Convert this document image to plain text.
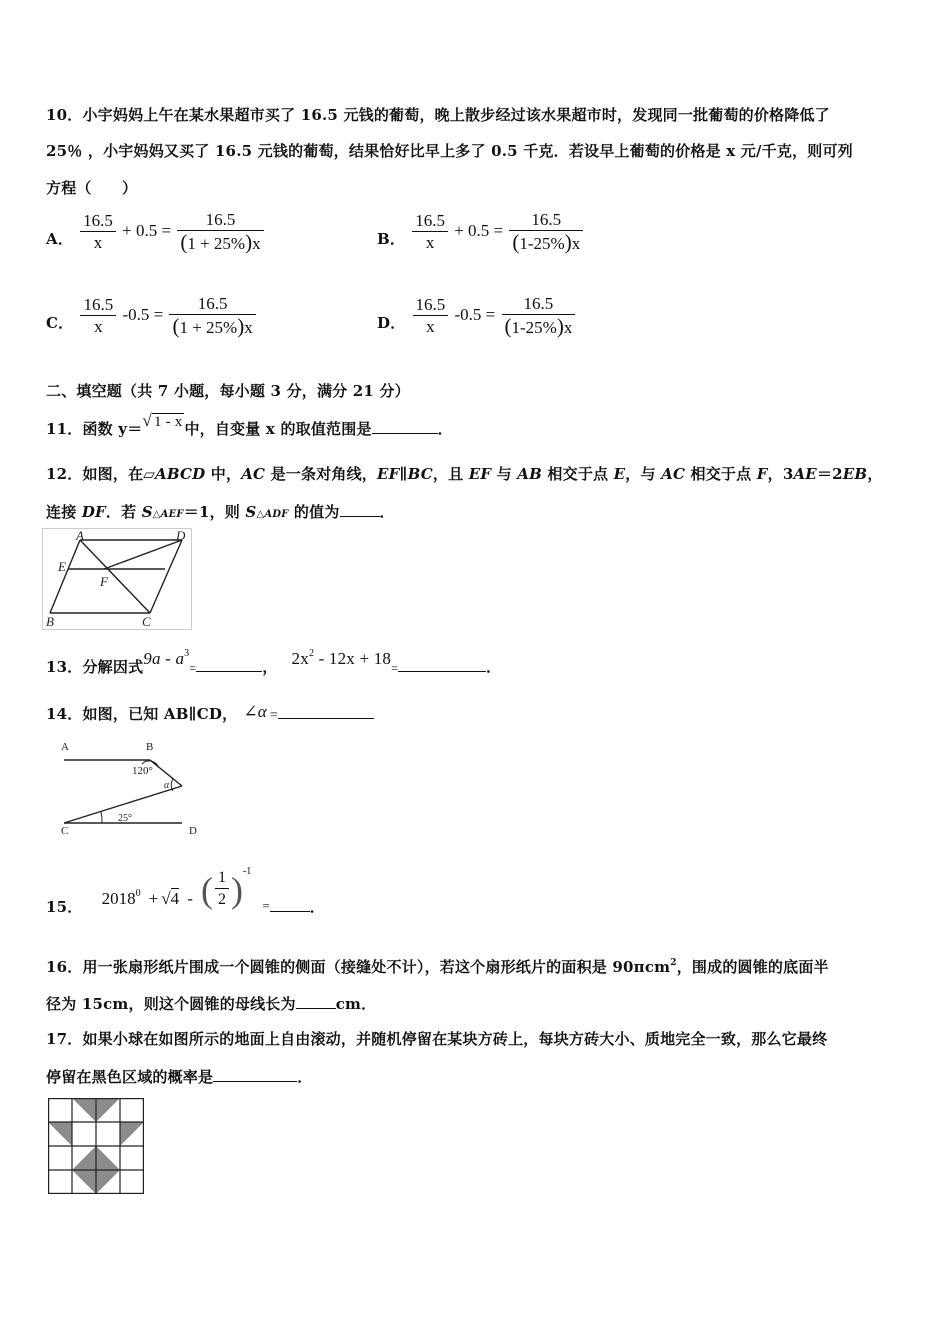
10．小宇妈妈上午在某水果超市买了 16.5 元钱的葡萄，晚上散步经过该水果超市时，发现同一批葡萄的价格降低了
25％ ，小宇妈妈又买了 16.5 元钱的葡萄，结果恰好比早上多了 0.5 千克．若设早上葡萄的价格是 x 元/千克，则可列
方程（　　）
A． $\frac{16.5}{x} + 0.5 = \frac{16.5}{(1 + 25\%)x}$	B． $\frac{16.5}{x} + 0.5 = \frac{16.5}{(1-25\%)x}$
C． $\frac{16.5}{x} -0.5 = \frac{16.5}{(1 + 25\%)x}$	D． $\frac{16.5}{x} -0.5 = \frac{16.5}{(1-25\%)x}$
二、填空题（共 7 小题，每小题 3 分，满分 21 分）
11．函数 y＝√ 1 - x 中，自变量 x 的取值范围是	．
12．如图，在▱ABCD 中，AC 是一条对角线，EF∥BC，且 EF 与 AB 相交于点 E，与 AC 相交于点 F，3AE＝2EB，
连接 DF．若 S△AEF＝1，则 S△ADF 的值为	．
A	D
E
F
B	C
13．分解因式$9a - a^3=$	， $2x^2 - 12x + 18=$	．
14．如图，已知 AB∥CD， ∠α =
A	B
C	D
120°
25°
α
15． $2018^0 + √4$ - ( $\frac{1}{2} )^{-1}$ $_=$	．
16．用一张扇形纸片围成一个圆锥的侧面（接缝处不计），若这个扇形纸片的面积是 90πcm$^2$，围成的圆锥的底面半
径为 15cm，则这个圆锥的母线长为	cm．
17．如果小球在如图所示的地面上自由滚动，并随机停留在某块方砖上，每块方砖大小、质地完全一致，那么它最终
停留在黑色区域的概率是	．
